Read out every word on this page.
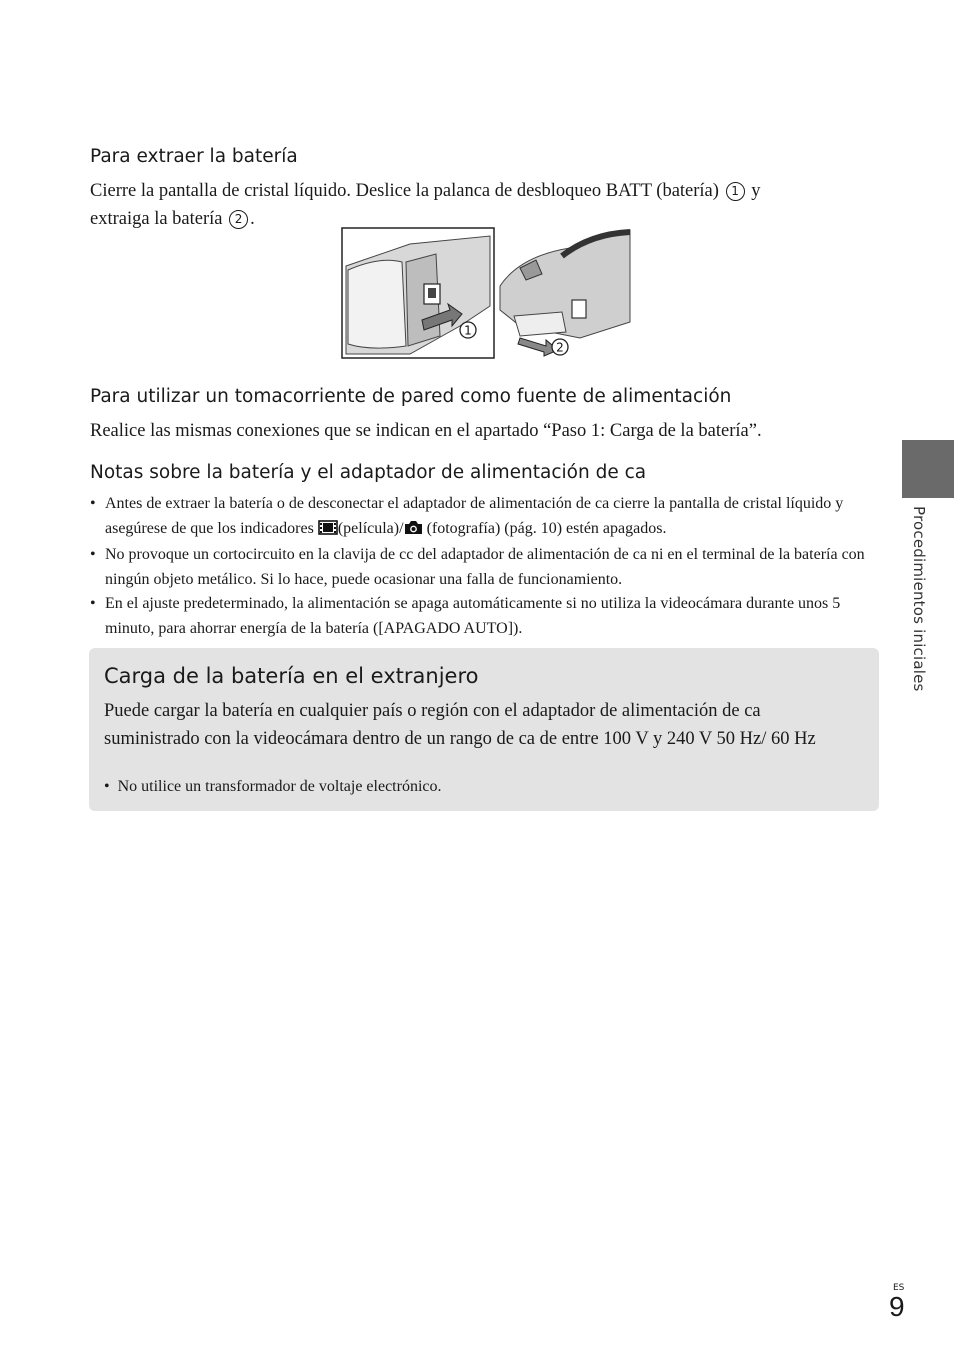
Para extraer la batería
Cierre la pantalla de cristal líquido. Deslice la palanca de desbloqueo BATT (batería) 1 y
extraiga la batería 2 .
1
2
Para utilizar un tomacorriente de pared como fuente de alimentación
Realice las mismas conexiones que se indican en el apartado “Paso 1: Carga de la batería”.
Notas sobre la batería y el adaptador de alimentación de ca
• Antes de extraer la batería o de desconectar el adaptador de alimentación de ca cierre la pantalla de cristal líquido y asegúrese de que los indicadores (película)/ (fotografía) (pág. 10) estén apagados.
• No provoque un cortocircuito en la clavija de cc del adaptador de alimentación de ca ni en el terminal de la batería con ningún objeto metálico. Si lo hace, puede ocasionar una falla de funcionamiento.
• En el ajuste predeterminado, la alimentación se apaga automáticamente si no utiliza la videocámara durante unos 5 minuto, para ahorrar energía de la batería ([APAGADO AUTO]).
Carga de la batería en el extranjero
Puede cargar la batería en cualquier país o región con el adaptador de alimentación de ca suministrado con la videocámara dentro de un rango de ca de entre 100 V y 240 V 50 Hz/ 60 Hz
•  No utilice un transformador de voltaje electrónico.
Procedimientos iniciales
ES
9
